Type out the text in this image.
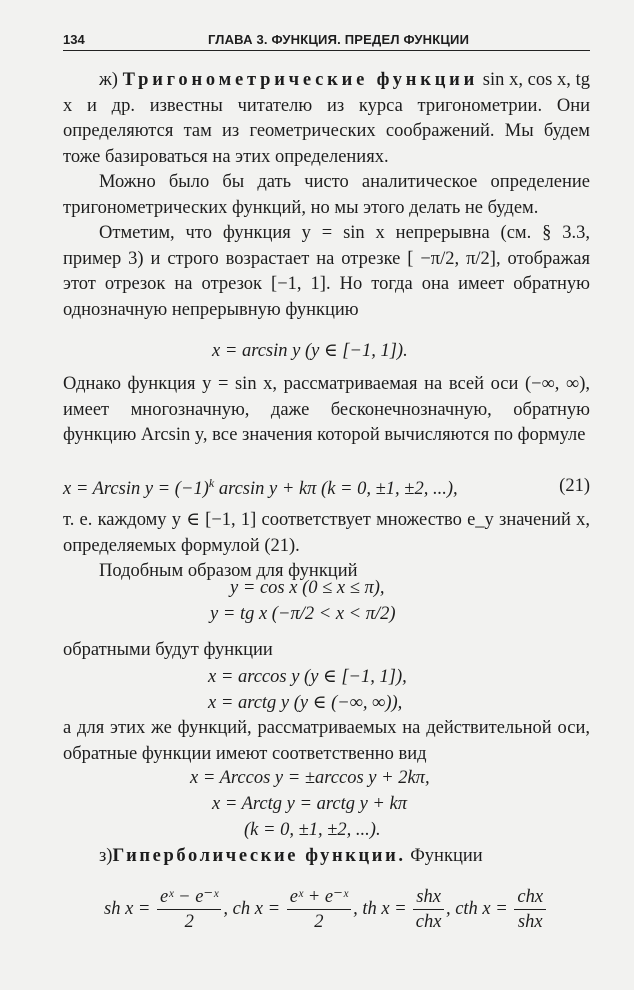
134	ГЛАВА 3. ФУНКЦИЯ. ПРЕДЕЛ ФУНКЦИИ

ж) Тригонометрические функции sin x, cos x, tg x и др. известны читателю из курса тригонометрии. Они определяются там из геометрических соображений. Мы будем тоже базироваться на этих определениях.

Можно было бы дать чисто аналитическое определение тригонометрических функций, но мы этого делать не будем.

Отметим, что функция y = sin x непрерывна (см. § 3.3, пример 3) и строго возрастает на отрезке [ −π/2, π/2], отображая этот отрезок на отрезок [−1, 1]. Но тогда она имеет обратную однозначную непрерывную функцию

x = arcsin y (y ∈ [−1, 1]).

Однако функция y = sin x, рассматриваемая на всей оси (−∞, ∞), имеет многозначную, даже бесконечнозначную, обратную функцию Arcsin y, все значения которой вычисляются по формуле

x = Arcsin $y = (-1)^k$ arcsin y + kπ (k = 0, ±1, ±2, ...),	(21)

т. е. каждому y ∈ [−1, 1] соответствует множество e_y значений x, определяемых формулой (21).

Подобным образом для функций

y = cos x (0 ≤ x ≤ π),
y = tg x (−π/2 < x < π/2)

обратными будут функции

x = arccos y (y ∈ [−1, 1]),
x = arctg y (y ∈ (−∞, ∞)),

а для этих же функций, рассматриваемых на действительной оси, обратные функции имеют соответственно вид

x = Arccos y = ±arccos y + 2kπ,
x = Arctg y = arctg y + kπ
(k = 0, ±1, ±2, ...).
з)Гиперболические функции. Функции
sh $x = \frac{\text{eˣ − e⁻ˣ}}{2}$ , ch $x = \frac{\text{eˣ + e⁻ˣ}}{2}$ , th $x = \frac{\text{shx}}{\text{chx}}$ , cth $x = \frac{\text{chx}}{\text{shx}}$
